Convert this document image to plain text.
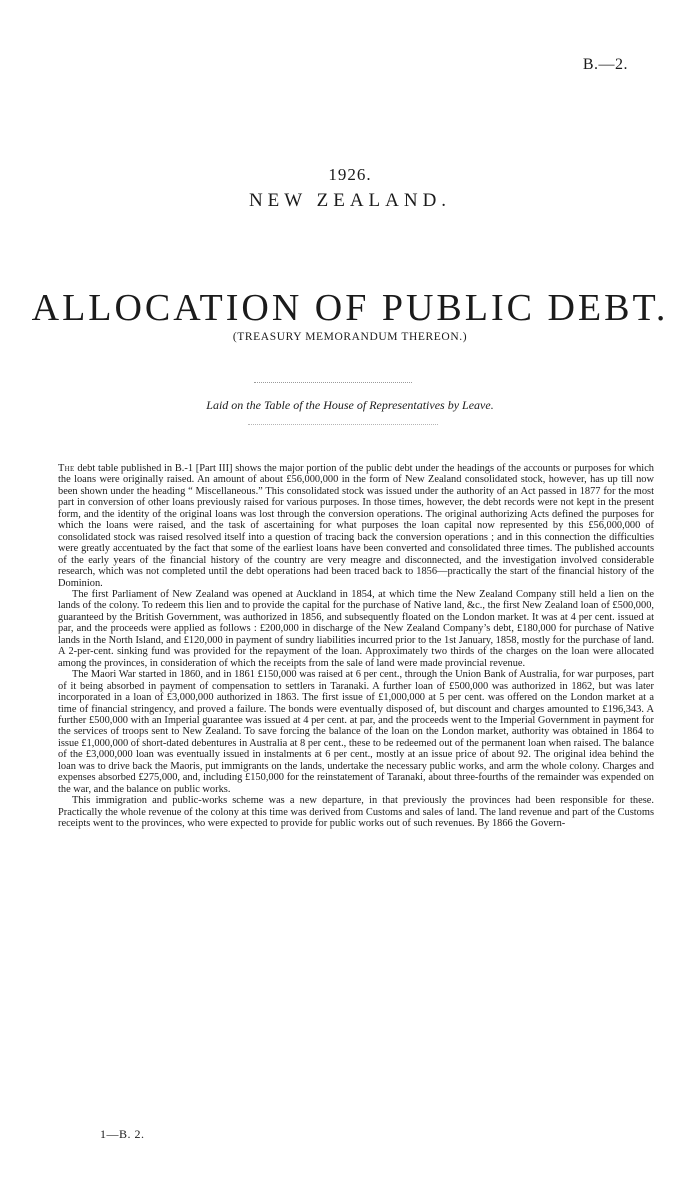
B.—2.
1926.
NEW ZEALAND.
ALLOCATION OF PUBLIC DEBT.
(TREASURY MEMORANDUM THEREON.)
Laid on the Table of the House of Representatives by Leave.

The debt table published in B.-1 [Part III] shows the major portion of the public debt under the headings of the accounts or purposes for which the loans were originally raised. An amount of about £56,000,000 in the form of New Zealand consolidated stock, however, has up till now been shown under the heading “ Miscellaneous.” This consolidated stock was issued under the authority of an Act passed in 1877 for the most part in conversion of other loans previously raised for various purposes. In those times, however, the debt records were not kept in the present form, and the identity of the original loans was lost through the conversion operations. The original authorizing Acts defined the purposes for which the loans were raised, and the task of ascertaining for what purposes the loan capital now represented by this £56,000,000 of consolidated stock was raised resolved itself into a question of tracing back the conversion operations ; and in this connection the difficulties were greatly accentuated by the fact that some of the earliest loans have been converted and consolidated three times. The published accounts of the early years of the financial history of the country are very meagre and disconnected, and the investigation involved considerable research, which was not completed until the debt operations had been traced back to 1856—practically the start of the financial history of the Dominion.

The first Parliament of New Zealand was opened at Auckland in 1854, at which time the New Zealand Company still held a lien on the lands of the colony. To redeem this lien and to provide the capital for the purchase of Native land, &c., the first New Zealand loan of £500,000, guaranteed by the British Government, was authorized in 1856, and subsequently floated on the London market. It was at 4 per cent. issued at par, and the proceeds were applied as follows : £200,000 in discharge of the New Zealand Company’s debt, £180,000 for purchase of Native lands in the North Island, and £120,000 in payment of sundry liabilities incurred prior to the 1st January, 1858, mostly for the purchase of land. A 2-per-cent. sinking fund was provided for the repayment of the loan. Approximately two thirds of the charges on the loan were allocated among the provinces, in consideration of which the receipts from the sale of land were made provincial revenue.

The Maori War started in 1860, and in 1861 £150,000 was raised at 6 per cent., through the Union Bank of Australia, for war purposes, part of it being absorbed in payment of compensation to settlers in Taranaki. A further loan of £500,000 was authorized in 1862, but was later incorporated in a loan of £3,000,000 authorized in 1863. The first issue of £1,000,000 at 5 per cent. was offered on the London market at a time of financial stringency, and proved a failure. The bonds were eventually disposed of, but discount and charges amounted to £196,343. A further £500,000 with an Imperial guarantee was issued at 4 per cent. at par, and the proceeds went to the Imperial Government in payment for the services of troops sent to New Zealand. To save forcing the balance of the loan on the London market, authority was obtained in 1864 to issue £1,000,000 of short-dated debentures in Australia at 8 per cent., these to be redeemed out of the permanent loan when raised. The balance of the £3,000,000 loan was eventually issued in instalments at 6 per cent., mostly at an issue price of about 92. The original idea behind the loan was to drive back the Maoris, put immigrants on the lands, undertake the necessary public works, and arm the whole colony. Charges and expenses absorbed £275,000, and, including £150,000 for the reinstatement of Taranaki, about three-fourths of the remainder was expended on the war, and the balance on public works.

This immigration and public-works scheme was a new departure, in that previously the provinces had been responsible for these. Practically the whole revenue of the colony at this time was derived from Customs and sales of land. The land revenue and part of the Customs receipts went to the provinces, who were expected to provide for public works out of such revenues. By 1866 the Govern-

1—B. 2.
